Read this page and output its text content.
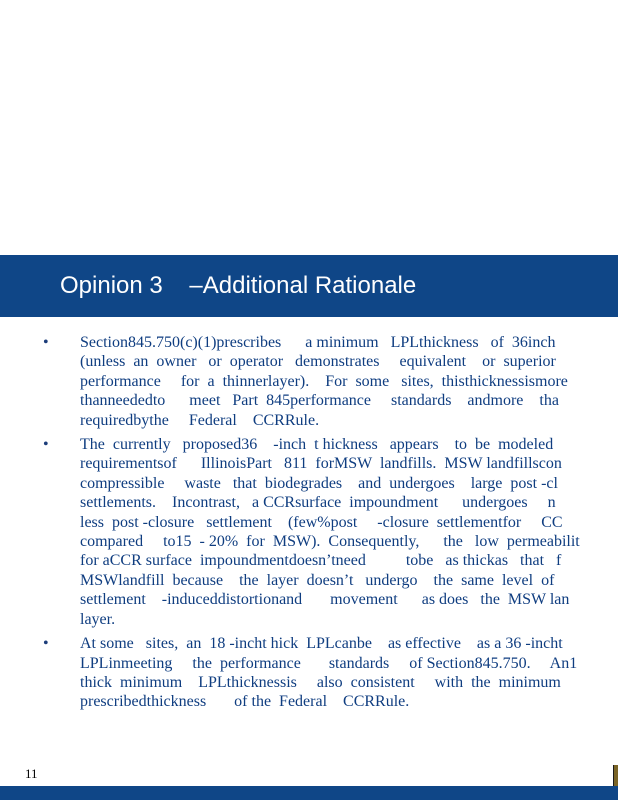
Opinion 3    –Additional Rationale
• Section845.750(c)(1)prescribes      a minimum   LPLthickness   of  36inch
(unless  an  owner   or  operator   demonstrates     equivalent    or  superior
performance     for  a  thinnerlayer).    For  some   sites,  thisthicknessismore
thanneededto      meet   Part  845performance     standards    andmore    tha
requiredbythe     Federal    CCRRule.
• The  currently   proposed36    -inch  t hickness   appears    to  be  modeled
requirementsof      IllinoisPart   811  forMSW  landfills.  MSW landfillscon
compressible     waste   that  biodegrades    and  undergoes    large  post -cl
settlements.    Incontrast,   a CCRsurface  impoundment      undergoes     n
less  post -closure   settlement    (few%post     -closure  settlementfor     CC
compared     to15  - 20%  for  MSW).  Consequently,      the   low  permeabilit
for aCCR surface  impoundmentdoesn’tneed          tobe   as thickas   that   f
MSWlandfill  because    the  layer  doesn’t   undergo    the  same  level  of
settlement    -induceddistortionand       movement      as does   the  MSW lan
layer.
• At some   sites,  an  18 -incht hick  LPLcanbe    as effective    as a 36 -incht
LPLinmeeting     the  performance       standards     of Section845.750.     An1
thick  minimum    LPLthicknessis     also  consistent     with  the  minimum
prescribedthickness       of the  Federal    CCRRule.
11
